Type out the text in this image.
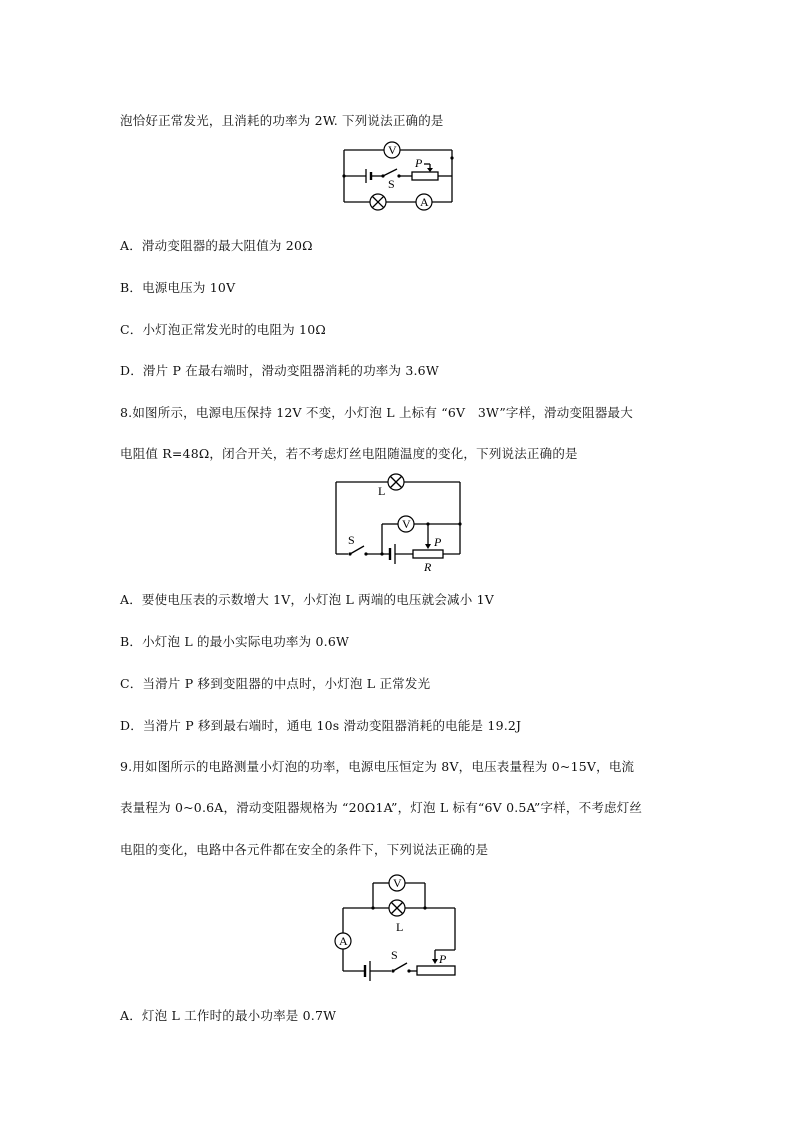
泡恰好正常发光，且消耗的功率为 2W. 下列说法正确的是
V
A
S
P
A．滑动变阻器的最大阻值为 20Ω
B．电源电压为 10V
C．小灯泡正常发光时的电阻为 10Ω
D．滑片 P 在最右端时，滑动变阻器消耗的功率为 3.6W
8.如图所示，电源电压保持 12V 不变，小灯泡 L 上标有 “6V　3W”字样，滑动变阻器最大
电阻值 R=48Ω，闭合开关，若不考虑灯丝电阻随温度的变化，下列说法正确的是
L
V
S	P
R
A．要使电压表的示数增大 1V，小灯泡 L 两端的电压就会减小 1V
B．小灯泡 L 的最小实际电功率为 0.6W
C．当滑片 P 移到变阻器的中点时，小灯泡 L 正常发光
D．当滑片 P 移到最右端时，通电 10s 滑动变阻器消耗的电能是 19.2J
9.用如图所示的电路测量小灯泡的功率，电源电压恒定为 8V，电压表量程为 0~15V，电流
表量程为 0~0.6A，滑动变阻器规格为 “20Ω1A”，灯泡 L 标有“6V 0.5A”字样，不考虑灯丝
电阻的变化，电路中各元件都在安全的条件下，下列说法正确的是
V
L
A
S	P
A．灯泡 L 工作时的最小功率是 0.7W
